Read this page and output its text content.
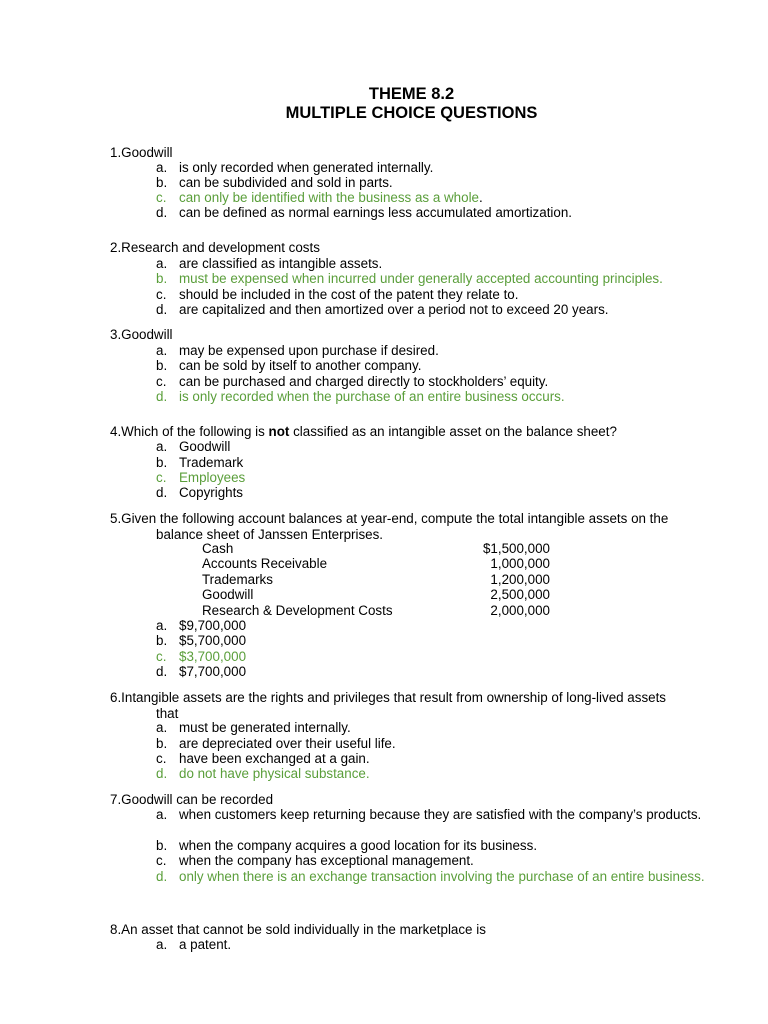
THEME 8.2
MULTIPLE CHOICE QUESTIONS
1.Goodwill
a. is only recorded when generated internally.
b. can be subdivided and sold in parts.
c. can only be identified with the business as a whole.
d. can be defined as normal earnings less accumulated amortization.
2.Research and development costs
a. are classified as intangible assets.
b. must be expensed when incurred under generally accepted accounting principles.
c. should be included in the cost of the patent they relate to.
d. are capitalized and then amortized over a period not to exceed 20 years.
3.Goodwill
a. may be expensed upon purchase if desired.
b. can be sold by itself to another company.
c. can be purchased and charged directly to stockholders’ equity.
d. is only recorded when the purchase of an entire business occurs.
4.Which of the following is not classified as an intangible asset on the balance sheet?
a. Goodwill
b. Trademark
c. Employees
d. Copyrights
5.Given the following account balances at year-end, compute the total intangible assets on the
balance sheet of Janssen Enterprises.
Cash	$1,500,000
Accounts Receivable	1,000,000
Trademarks	1,200,000
Goodwill	2,500,000
Research & Development Costs	2,000,000
a. $9,700,000
b. $5,700,000
c. $3,700,000
d. $7,700,000
6.Intangible assets are the rights and privileges that result from ownership of long-lived assets
that
a. must be generated internally.
b. are depreciated over their useful life.
c. have been exchanged at a gain.
d. do not have physical substance.
7.Goodwill can be recorded
a. when customers keep returning because they are satisfied with the company’s products.
b. when the company acquires a good location for its business.
c. when the company has exceptional management.
d. only when there is an exchange transaction involving the purchase of an entire business.
8.An asset that cannot be sold individually in the marketplace is
a. a patent.
